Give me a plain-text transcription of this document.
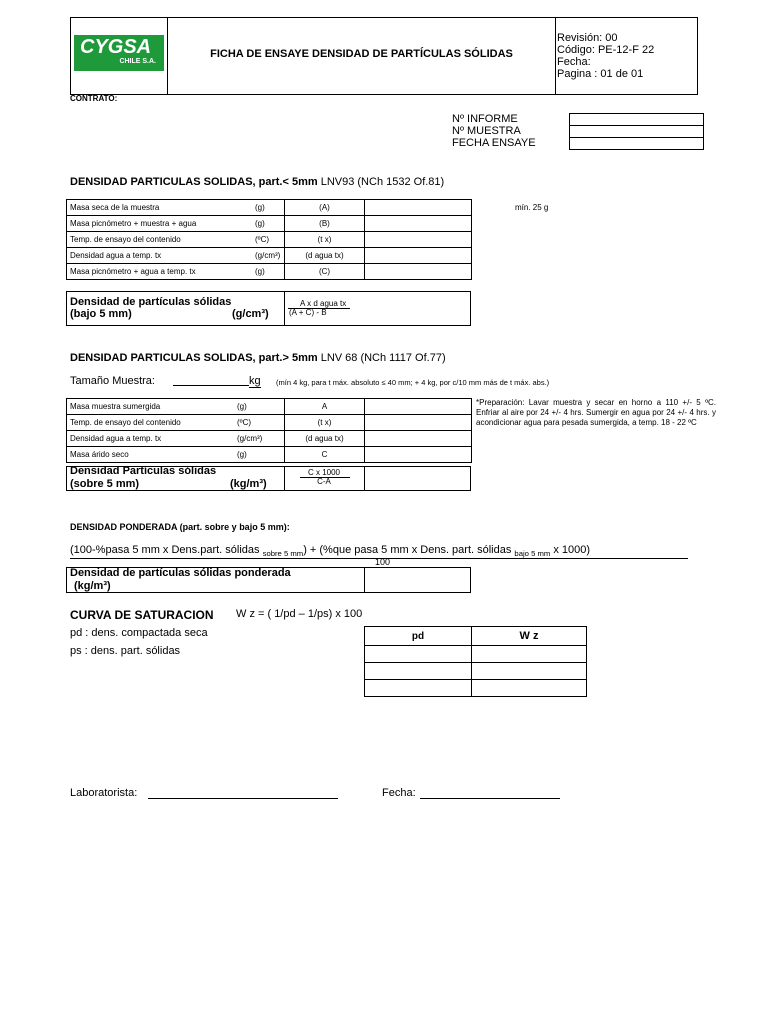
CYGSA
CHILE S.A.
FICHA DE ENSAYE DENSIDAD DE PARTÍCULAS SÓLIDAS
Revisión: 00
Código: PE-12-F 22
Fecha:
Pagina : 01 de 01
CONTRATO:
Nº INFORME
Nº MUESTRA
FECHA ENSAYE
DENSIDAD PARTICULAS SOLIDAS, part.< 5mm LNV93 (NCh 1532 Of.81)
mín. 25 g
Masa seca de la muestra (g)	(A)	
Masa picnómetro + muestra + agua (g)	(B)	
Temp. de ensayo del contenido (ºC)	(t x)	
Densidad agua a temp. tx (g/cm³)	(d agua tx)	
Masa picnómetro + agua a temp. tx (g)	(C)	
Densidad de partículas sólidas
(bajo 5 mm)	(g/cm³)
A x d agua tx
(A + C) - B
DENSIDAD PARTICULAS SOLIDAS, part.> 5mm LNV 68 (NCh 1117 Of.77)
Tamaño Muestra:	kg (mín 4 kg, para t máx. absoluto ≤ 40 mm; + 4 kg, por c/10 mm más de t máx. abs.)
*Preparación: Lavar muestra y secar en horno a 110 +/- 5 ºC. Enfriar al aire por 24 +/- 4 hrs. Sumergir en agua por 24 +/- 4 hrs. y acondicionar agua para pesada sumergida, a temp. 18 - 22 ºC
Masa muestra sumergida (g)	A	
Temp. de ensayo del contenido (ºC)	(t x)	
Densidad agua a temp. tx (g/cm³)	(d agua tx)	
Masa árido seco (g)	C	
Densidad Partículas sólidas
(sobre 5 mm)	(kg/m³)
C x 1000
C-A
DENSIDAD PONDERADA (part. sobre y bajo 5 mm):
(100-%pasa 5 mm x Dens.part. sólidas $_{sobre 5 mm}$) + (%que pasa 5 mm x Dens. part. sólidas $_{bajo 5 mm}$ x 1000)
100
Densidad de partículas sólidas ponderada
(kg/m³)
CURVA DE SATURACION W z = ( 1/pd – 1/ps) x 100
pd : dens. compactada seca
ps : dens. part. sólidas
pd	W z

Laboratorista:	Fecha:
